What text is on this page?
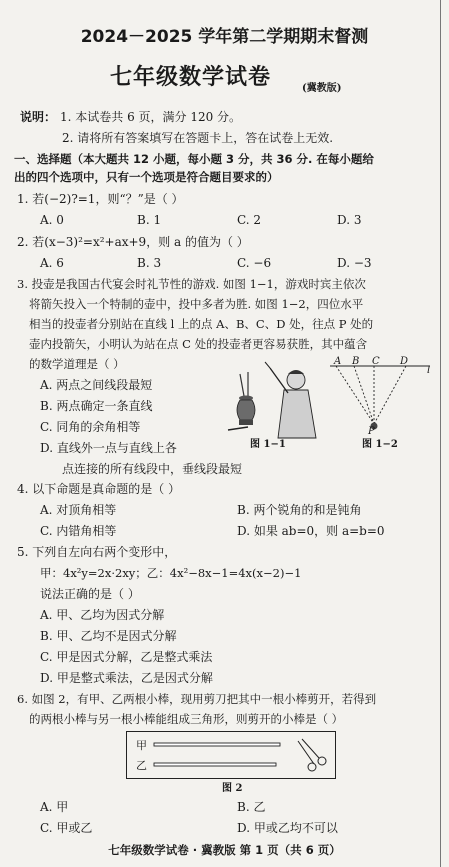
2024－2025 学年第二学期期末督测
七年级数学试卷	(冀教版)
说明： 1. 本试卷共 6 页，满分 120 分。
2. 请将所有答案填写在答题卡上，答在试卷上无效.
一、选择题（本大题共 12 小题，每小题 3 分，共 36 分. 在每小题给
出的四个选项中，只有一个选项是符合题目要求的）
1. 若(−2)?=1，则“？”是（ ）
A. 0	B. 1	C. 2	D. 3
2. 若(x−3)²=x²+ax+9，则 a 的值为（ ）
A. 6	B. 3	C. −6	D. −3
3. 投壶是我国古代宴会时礼节性的游戏. 如图 1−1，游戏时宾主依次
将箭矢投入一个特制的壶中，投中多者为胜. 如图 1−2，四位水平
相当的投壶者分别站在直线 l 上的点 A、B、C、D 处，往点 P 处的
壶内投箭矢，小明认为站在点 C 处的投壶者更容易获胜，其中蕴含
的数学道理是（ ）
A. 两点之间线段最短
B. 两点确定一条直线
C. 同角的余角相等
D. 直线外一点与直线上各
点连接的所有线段中，垂线段最短
图 1−1
A B C D
l
P
图 1−2
4. 以下命题是真命题的是（ ）
A. 对顶角相等	B. 两个锐角的和是钝角
C. 内错角相等	D. 如果 ab=0，则 a=b=0
5. 下列自左向右两个变形中，
甲：4x²y=2x·2xy；乙：4x²−8x−1=4x(x−2)−1
说法正确的是（ ）
A. 甲、乙均为因式分解
B. 甲、乙均不是因式分解
C. 甲是因式分解，乙是整式乘法
D. 甲是整式乘法，乙是因式分解
6. 如图 2，有甲、乙两根小棒，现用剪刀把其中一根小棒剪开，若得到
的两根小棒与另一根小棒能组成三角形，则剪开的小棒是（ ）
甲
乙
图 2
A. 甲	B. 乙
C. 甲或乙	D. 甲或乙均不可以
七年级数学试卷 · 冀教版 第 1 页（共 6 页）
